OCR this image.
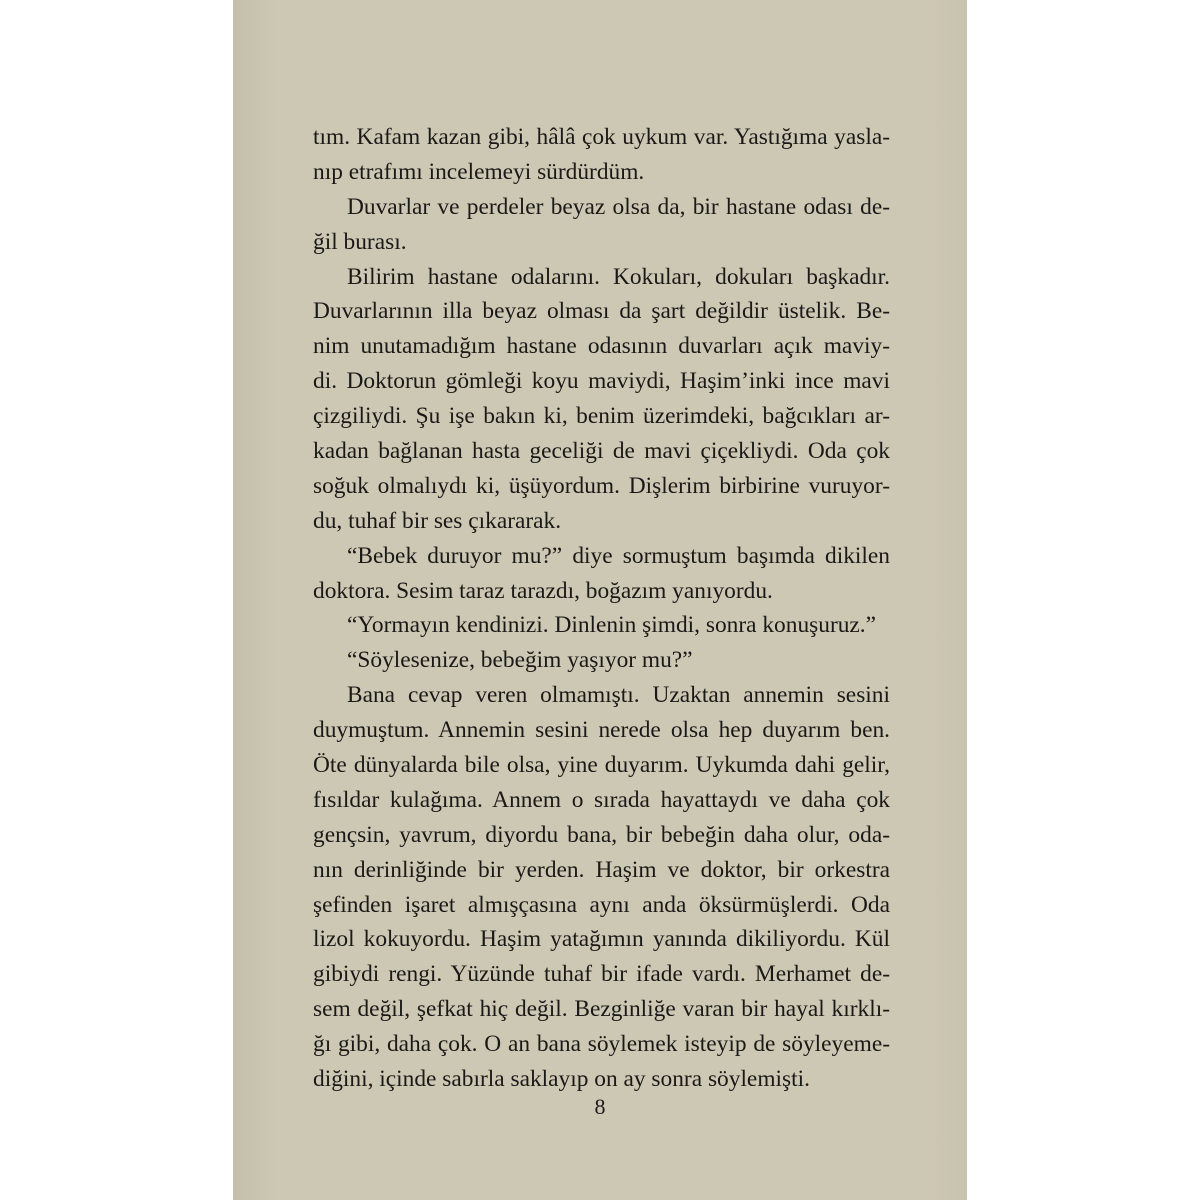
tım. Kafam kazan gibi, hâlâ çok uykum var. Yastığıma yasla-
nıp etrafımı incelemeyi sürdürdüm.
Duvarlar ve perdeler beyaz olsa da, bir hastane odası de-
ğil burası.
Bilirim hastane odalarını. Kokuları, dokuları başkadır.
Duvarlarının illa beyaz olması da şart değildir üstelik. Be-
nim unutamadığım hastane odasının duvarları açık maviy-
di. Doktorun gömleği koyu maviydi, Haşim’inki ince mavi
çizgiliydi. Şu işe bakın ki, benim üzerimdeki, bağcıkları ar-
kadan bağlanan hasta geceliği de mavi çiçekliydi. Oda çok
soğuk olmalıydı ki, üşüyordum. Dişlerim birbirine vuruyor-
du, tuhaf bir ses çıkararak.
“Bebek duruyor mu?” diye sormuştum başımda dikilen
doktora. Sesim taraz tarazdı, boğazım yanıyordu.
“Yormayın kendinizi. Dinlenin şimdi, sonra konuşuruz.”
“Söylesenize, bebeğim yaşıyor mu?”
Bana cevap veren olmamıştı. Uzaktan annemin sesini
duymuştum. Annemin sesini nerede olsa hep duyarım ben.
Öte dünyalarda bile olsa, yine duyarım. Uykumda dahi gelir,
fısıldar kulağıma. Annem o sırada hayattaydı ve daha çok
gençsin, yavrum, diyordu bana, bir bebeğin daha olur, oda-
nın derinliğinde bir yerden. Haşim ve doktor, bir orkestra
şefinden işaret almışçasına aynı anda öksürmüşlerdi. Oda
lizol kokuyordu. Haşim yatağımın yanında dikiliyordu. Kül
gibiydi rengi. Yüzünde tuhaf bir ifade vardı. Merhamet de-
sem değil, şefkat hiç değil. Bezginliğe varan bir hayal kırklı-
ğı gibi, daha çok. O an bana söylemek isteyip de söyleyeme-
diğini, içinde sabırla saklayıp on ay sonra söylemişti.
8
